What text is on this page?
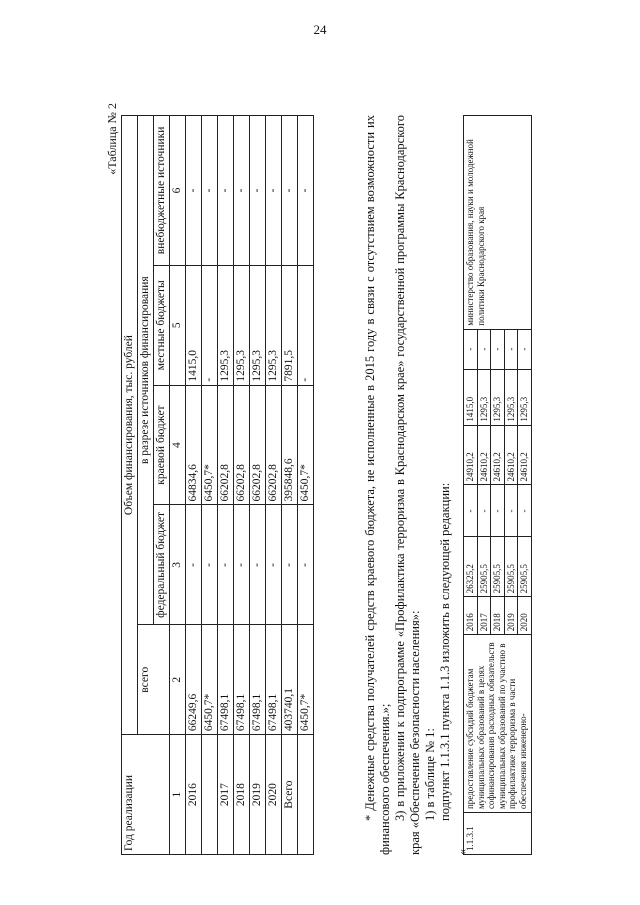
24
«Таблица № 2
Год реализации	Объем финансирования, тыс. рублей				
	всего	в разрезе источников финансирования			
		федеральный бюджет	краевой бюджет	местные бюджеты	внебюджетные источники
1	2	3	4	5	6
2016	66249,6	-	64834,6	1415,0	-
	6450,7*	-	6450,7*	-	-
2017	67498,1	-	66202,8	1295,3	-
2018	67498,1	-	66202,8	1295,3	-
2019	67498,1	-	66202,8	1295,3	-
2020	67498,1	-	66202,8	1295,3	-
Всего	403740,1	-	395848,6	7891,5	-
	6450,7*	-	6450,7*	-	-	* Денежные средства получателей средств краевого бюджета, не исполненные в 2015 году в связи с отсутствием возможности их финансового обеспечения.»; 3) в приложении к подпрограмме «Профилактика терроризма в Краснодарском крае» государственной программы Краснодарского края «Обеспечение безопасности населения»: 1) в таблице № 1: подпункт 1.1.3.1 пункта 1.1.3 изложить в следующей редакции:

«
1.1.3.1	предоставление субсидий бюджетам муниципальных образований в целях софинансирования расходных обязательств муниципальных образований по участию в профилактике терроризма в части обеспечения инженерно-	2016	26325,2	-	24910,2	1415,0	-	министерство образования, науки и молодежной политики Краснодарского края
		2017	25905,5	-	24610,2	1295,3	-	
		2018	25905,5	-	24610,2	1295,3	-	
		2019	25905,5	-	24610,2	1295,3	-	
		2020	25905,5	-	24610,2	1295,3	-	
